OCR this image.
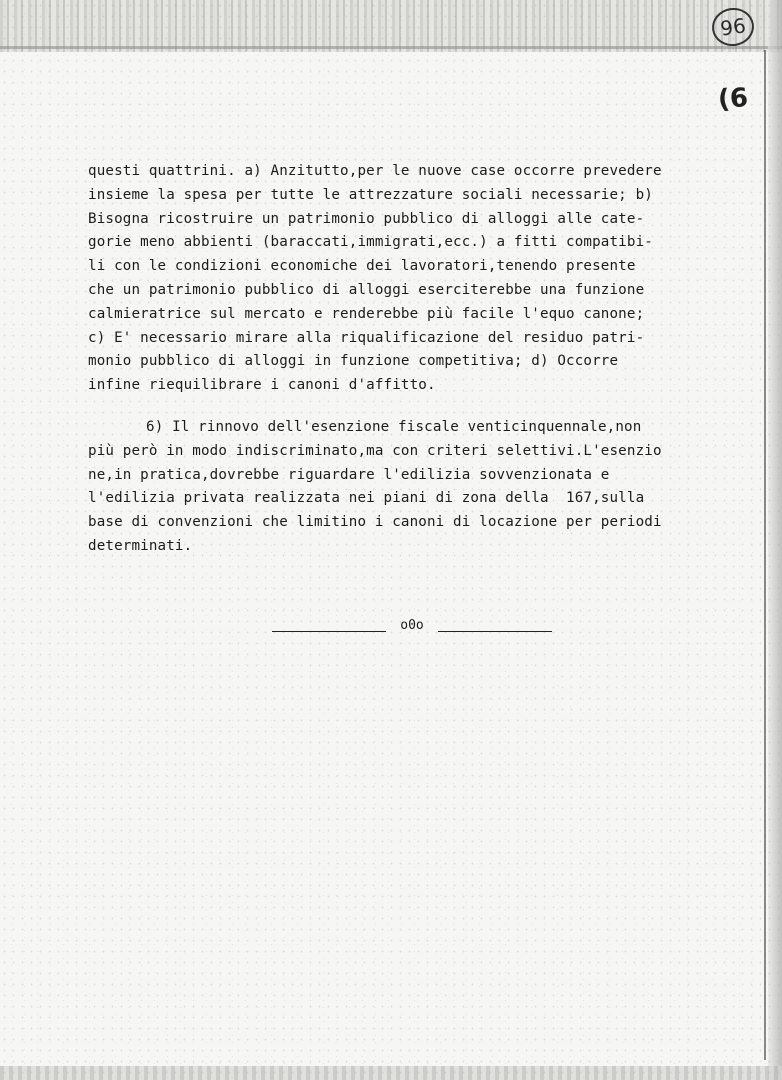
96
(6
questi quattrini. a) Anzitutto,per le nuove case occorre prevedere
insieme la spesa per tutte le attrezzature sociali necessarie; b)
Bisogna ricostruire un patrimonio pubblico di alloggi alle cate-
gorie meno abbienti (baraccati,immigrati,ecc.) a fitti compatibi-
li con le condizioni economiche dei lavoratori,tenendo presente
che un patrimonio pubblico di alloggi eserciterebbe una funzione
calmieratrice sul mercato e renderebbe più facile l'equo canone;
c) E' necessario mirare alla riqualificazione del residuo patri-
monio pubblico di alloggi in funzione competitiva; d) Occorre
infine riequilibrare i canoni d'affitto.
6) Il rinnovo dell'esenzione fiscale venticinquennale,non
più però in modo indiscriminato,ma con criteri selettivi.L'esenzio
ne,in pratica,dovrebbe riguardare l'edilizia sovvenzionata e
l'edilizia privata realizzata nei piani di zona della  167,sulla
base di convenzioni che limitino i canoni di locazione per periodi
determinati.
o0o
